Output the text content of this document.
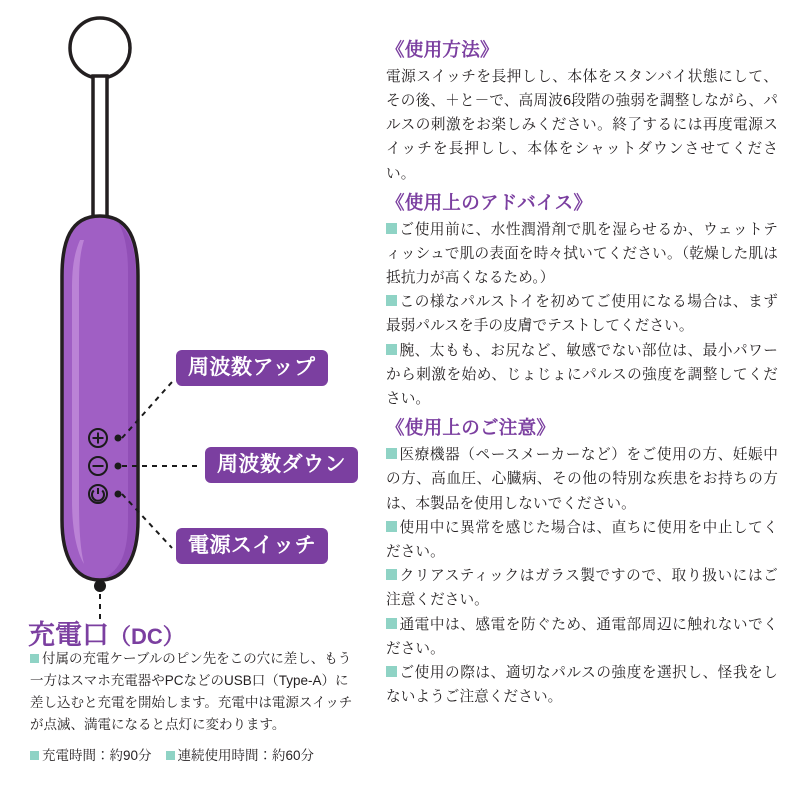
周波数アップ
周波数ダウン
電源スイッチ
充電口（DC）
付属の充電ケーブルのピン先をこの穴に差し、もう一方はスマホ充電器やPCなどのUSB口（Type-A）に差し込むと充電を開始します。充電中は電源スイッチが点滅、満電になると点灯に変わります。
充電時間：約90分 連続使用時間：約60分
《使用方法》
電源スイッチを長押しし、本体をスタンバイ状態にして、その後、＋と－で、高周波6段階の強弱を調整しながら、パルスの刺激をお楽しみください。終了するには再度電源スイッチを長押しし、本体をシャットダウンさせてください。
《使用上のアドバイス》
ご使用前に、水性潤滑剤で肌を湿らせるか、ウェットティッシュで肌の表面を時々拭いてください。（乾燥した肌は抵抗力が高くなるため。）
この様なパルストイを初めてご使用になる場合は、まず最弱パルスを手の皮膚でテストしてください。
腕、太もも、お尻など、敏感でない部位は、最小パワーから刺激を始め、じょじょにパルスの強度を調整してください。
《使用上のご注意》
医療機器（ペースメーカーなど）をご使用の方、妊娠中の方、高血圧、心臓病、その他の特別な疾患をお持ちの方は、本製品を使用しないでください。
使用中に異常を感じた場合は、直ちに使用を中止してください。
クリアスティックはガラス製ですので、取り扱いにはご注意ください。
通電中は、感電を防ぐため、通電部周辺に触れないでください。
ご使用の際は、適切なパルスの強度を選択し、怪我をしないようご注意ください。
